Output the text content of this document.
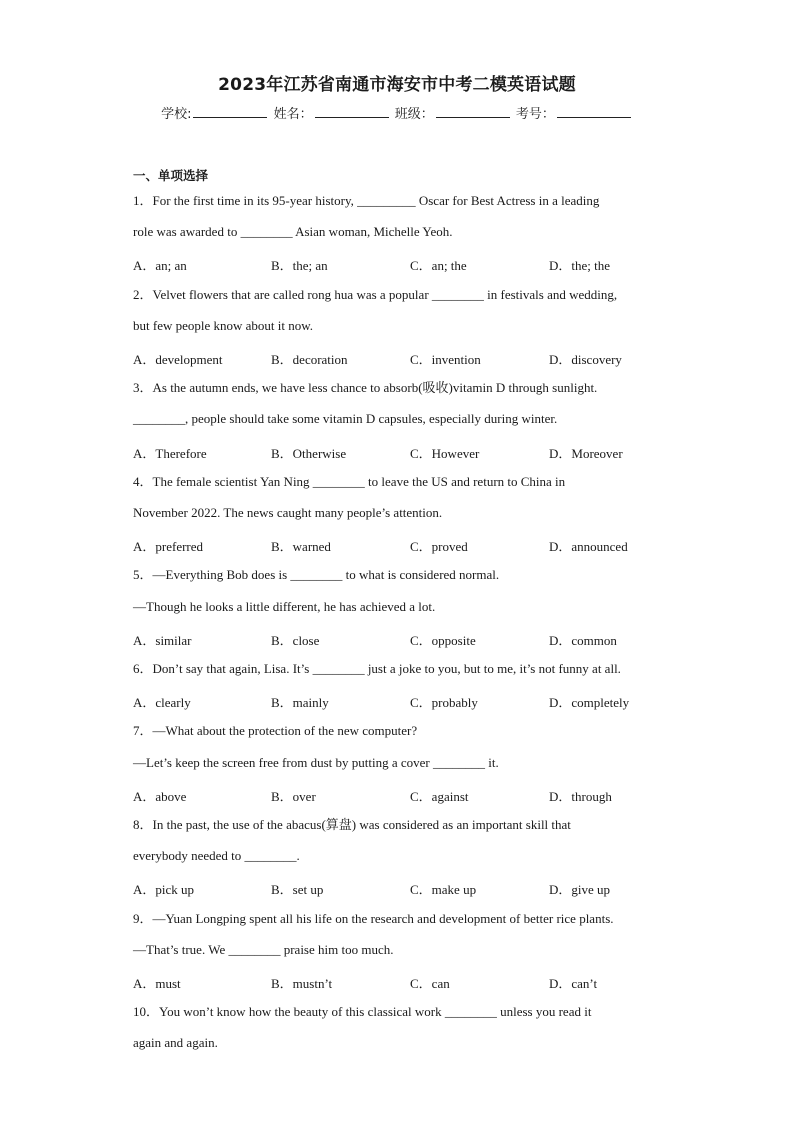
2023年江苏省南通市海安市中考二模英语试题
学校:	姓名：	班级：	考号：
一、单项选择
1．For the first time in its 95-year history, _________ Oscar for Best Actress in a leading
role was awarded to ________ Asian woman, Michelle Yeoh.
A．an; an	B．the; an	C．an; the	D．the; the
2．Velvet flowers that are called rong hua was a popular ________ in festivals and wedding,
but few people know about it now.
A．development	B．decoration	C．invention	D．discovery
3．As the autumn ends, we have less chance to absorb(吸收)vitamin D through sunlight.
________, people should take some vitamin D capsules, especially during winter.
A．Therefore	B．Otherwise	C．However	D．Moreover
4．The female scientist Yan Ning ________ to leave the US and return to China in
November 2022. The news caught many people’s attention.
A．preferred	B．warned	C．proved	D．announced
5．—Everything Bob does is ________ to what is considered normal.
—Though he looks a little different, he has achieved a lot.
A．similar	B．close	C．opposite	D．common
6．Don’t say that again, Lisa. It’s ________ just a joke to you, but to me, it’s not funny at all.
A．clearly	B．mainly	C．probably	D．completely
7．—What about the protection of the new computer?
—Let’s keep the screen free from dust by putting a cover ________ it.
A．above	B．over	C．against	D．through
8．In the past, the use of the abacus(算盘) was considered as an important skill that
everybody needed to ________.
A．pick up	B．set up	C．make up	D．give up
9．—Yuan Longping spent all his life on the research and development of better rice plants.
—That’s true. We ________ praise him too much.
A．must	B．mustn’t	C．can	D．can’t
10．You won’t know how the beauty of this classical work ________ unless you read it
again and again.
